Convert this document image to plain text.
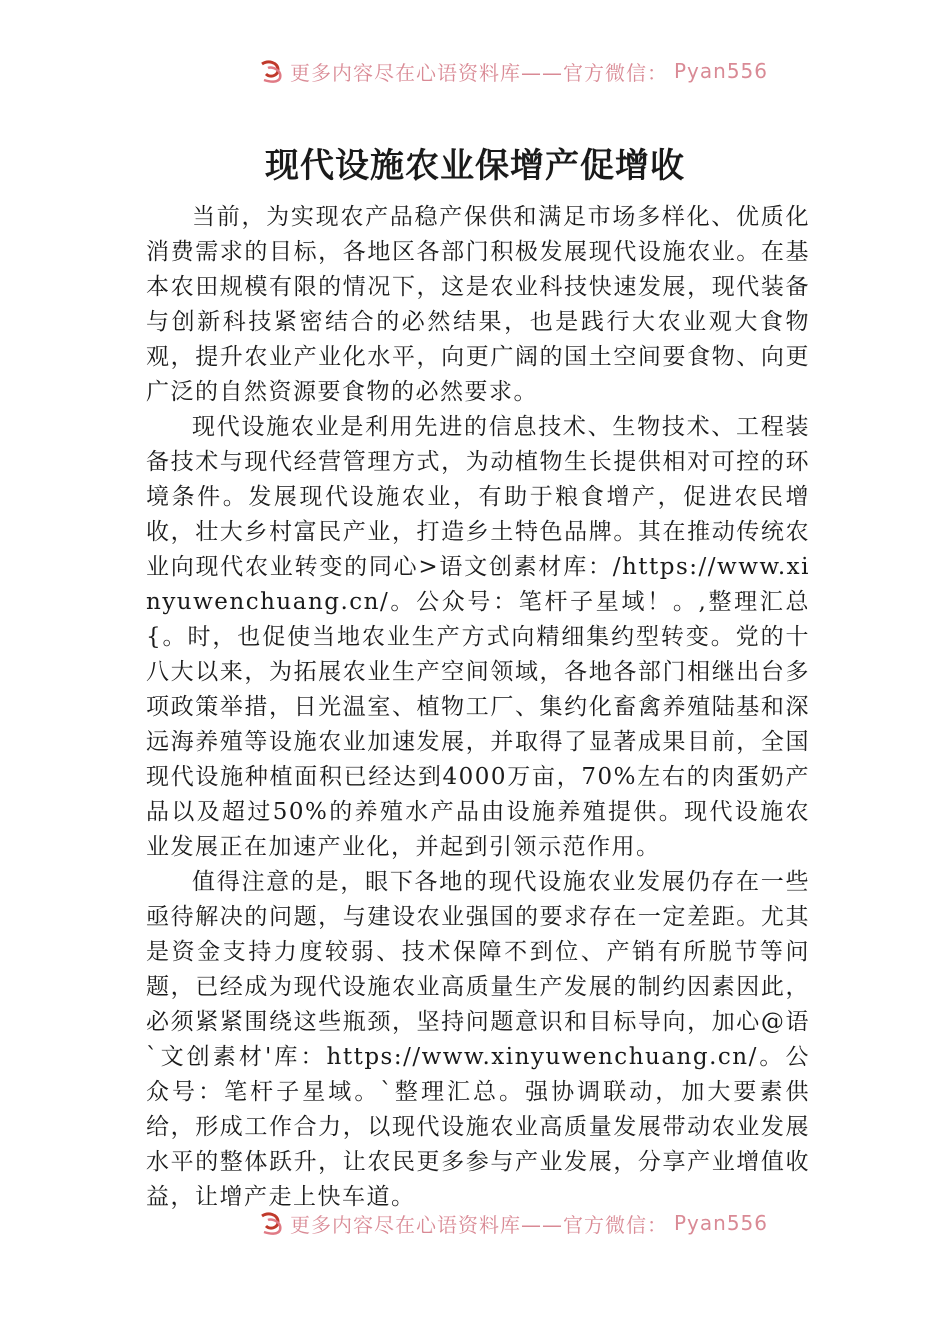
更多内容尽在心语资料库——官方微信： Pyan556
现代设施农业保增产促增收

当前，为实现农产品稳产保供和满足市场多样化、优质化消费需求的目标，各地区各部门积极发展现代设施农业。在基本农田规模有限的情况下，这是农业科技快速发展，现代装备与创新科技紧密结合的必然结果，也是践行大农业观大食物观，提升农业产业化水平，向更广阔的国土空间要食物、向更广泛的自然资源要食物的必然要求。

现代设施农业是利用先进的信息技术、生物技术、工程装备技术与现代经营管理方式，为动植物生长提供相对可控的环境条件。发展现代设施农业，有助于粮食增产，促进农民增收，壮大乡村富民产业，打造乡土特色品牌。其在推动传统农业向现代农业转变的同心>语文创素材库：/https://www.xinyuwenchuang.cn/。公众号：笔杆子星域！。,整理汇总{。时，也促使当地农业生产方式向精细集约型转变。党的十八大以来，为拓展农业生产空间领域，各地各部门相继出台多项政策举措，日光温室、植物工厂、集约化畜禽养殖陆基和深远海养殖等设施农业加速发展，并取得了显著成果目前，全国现代设施种植面积已经达到4000万亩，70%左右的肉蛋奶产品以及超过50%的养殖水产品由设施养殖提供。现代设施农业发展正在加速产业化，并起到引领示范作用。

值得注意的是，眼下各地的现代设施农业发展仍存在一些亟待解决的问题，与建设农业强国的要求存在一定差距。尤其是资金支持力度较弱、技术保障不到位、产销有所脱节等问题，已经成为现代设施农业高质量生产发展的制约因素因此，必须紧紧围绕这些瓶颈，坚持问题意识和目标导向，加心@语`文创素材'库：https://www.xinyuwenchuang.cn/。公众号：笔杆子星域。`整理汇总。强协调联动，加大要素供给，形成工作合力，以现代设施农业高质量发展带动农业发展水平的整体跃升，让农民更多参与产业发展，分享产业增值收益，让增产走上快车道。

更多内容尽在心语资料库——官方微信： Pyan556
